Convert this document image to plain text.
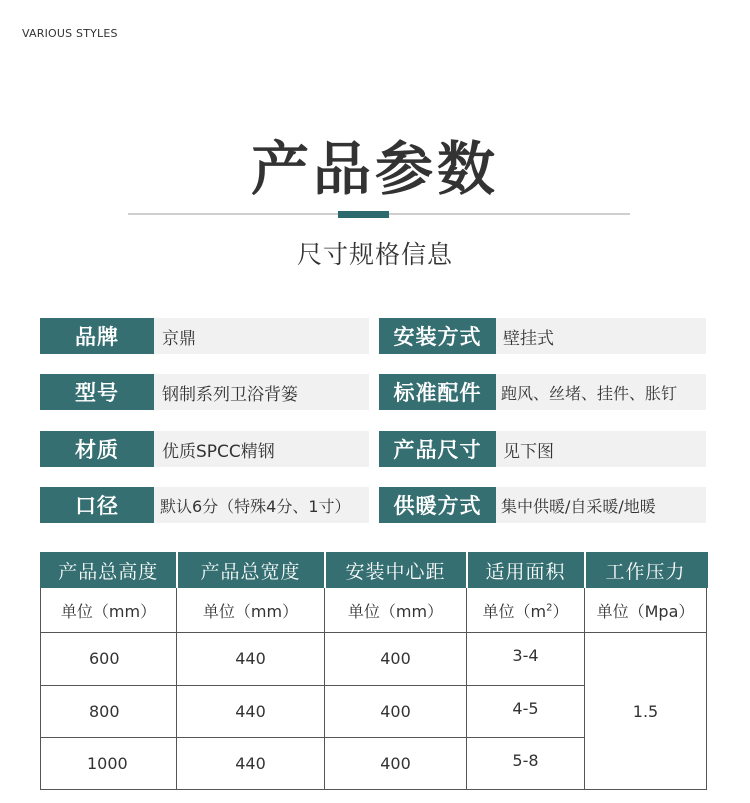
VARIOUS STYLES
产品参数
尺寸规格信息
品牌	京鼎
型号	钢制系列卫浴背篓
材质	优质SPCC精钢
口径	默认6分（特殊4分、1寸）
安装方式	壁挂式
标准配件	跑风、丝堵、挂件、胀钉
产品尺寸	见下图
供暖方式	集中供暖/自采暖/地暖
产品总高度	产品总宽度	安装中心距	适用面积	工作压力
单位（mm）	单位（mm）	单位（mm）	单位$(m^2)$	单位（Mpa）
600	440	400	3-4	1.5
800	440	400	4-5	
1000	440	400	5-8	
